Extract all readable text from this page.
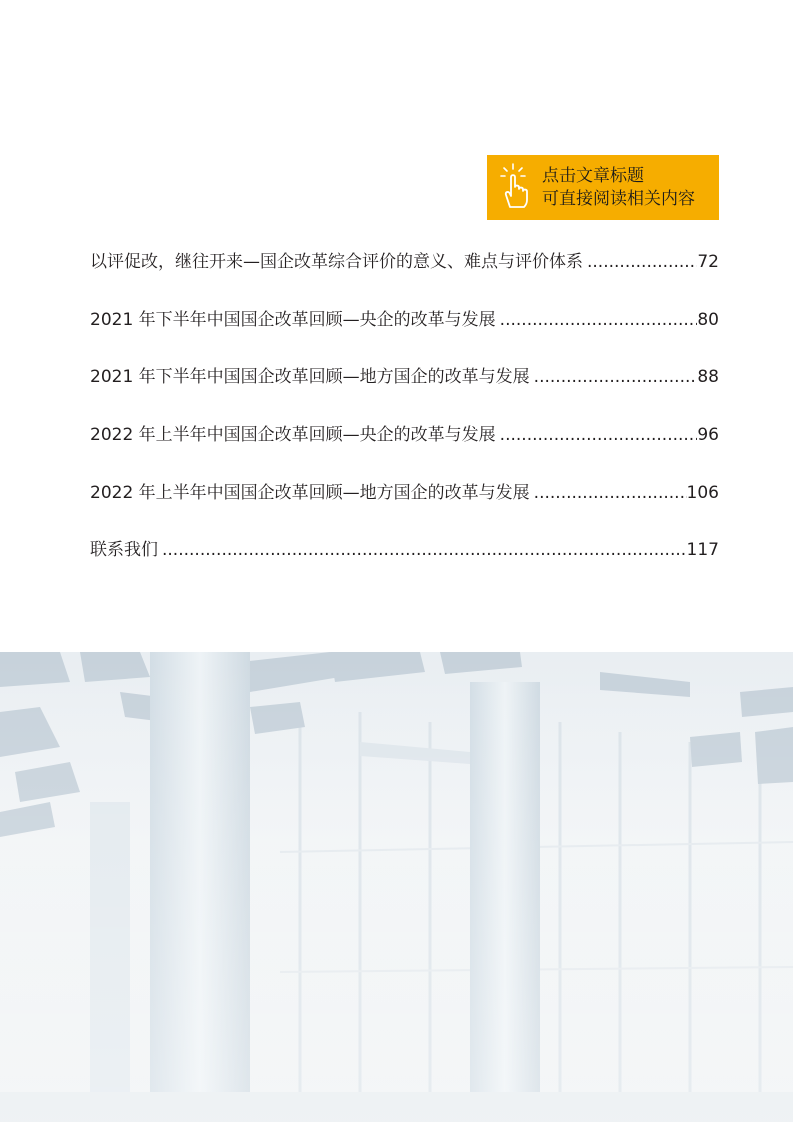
点击文章标题
可直接阅读相关内容
以评促改，继往开来—国企改革综合评价的意义、难点与评价体系 .....	72
2021 年下半年中国国企改革回顾—央企的改革与发展 .....	80
2021 年下半年中国国企改革回顾—地方国企的改革与发展 .....	88
2022 年上半年中国国企改革回顾—央企的改革与发展 .....	96
2022 年上半年中国国企改革回顾—地方国企的改革与发展 .....	106
联系我们 .....	117
